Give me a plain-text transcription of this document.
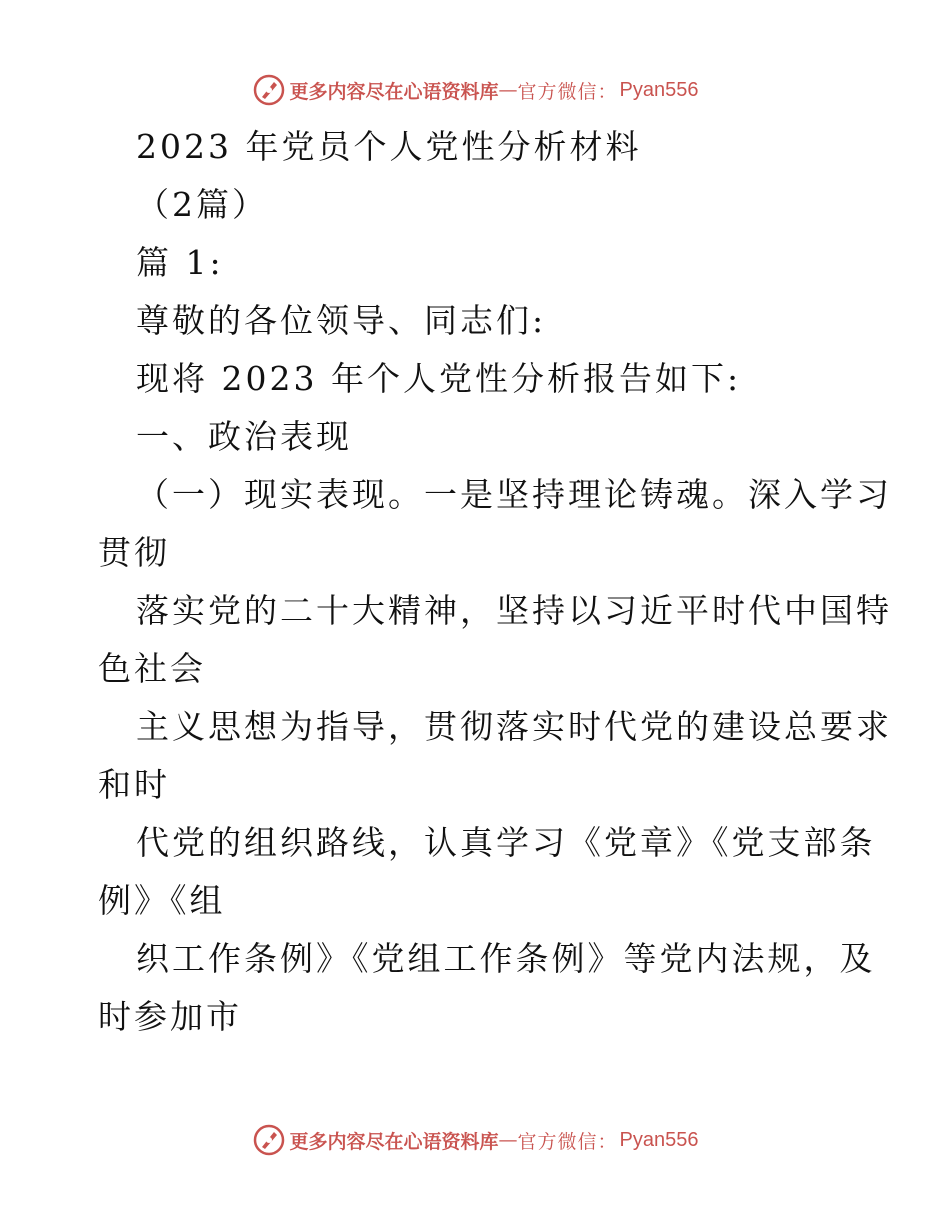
更多内容尽在心语资料库 — 官方微信： Pyan556
2023 年党员个人党性分析材料
（2篇）
篇 1:
尊敬的各位领导、同志们:
现将 2023 年个人党性分析报告如下:
一、政治表现
（一）现实表现。一是坚持理论铸魂。深入学习
贯彻
落实党的二十大精神，坚持以习近平时代中国特
色社会
主义思想为指导，贯彻落实时代党的建设总要求
和时
代党的组织路线，认真学习《党章》《党支部条
例》《组
织工作条例》《党组工作条例》等党内法规，及
时参加市
更多内容尽在心语资料库 — 官方微信： Pyan556
